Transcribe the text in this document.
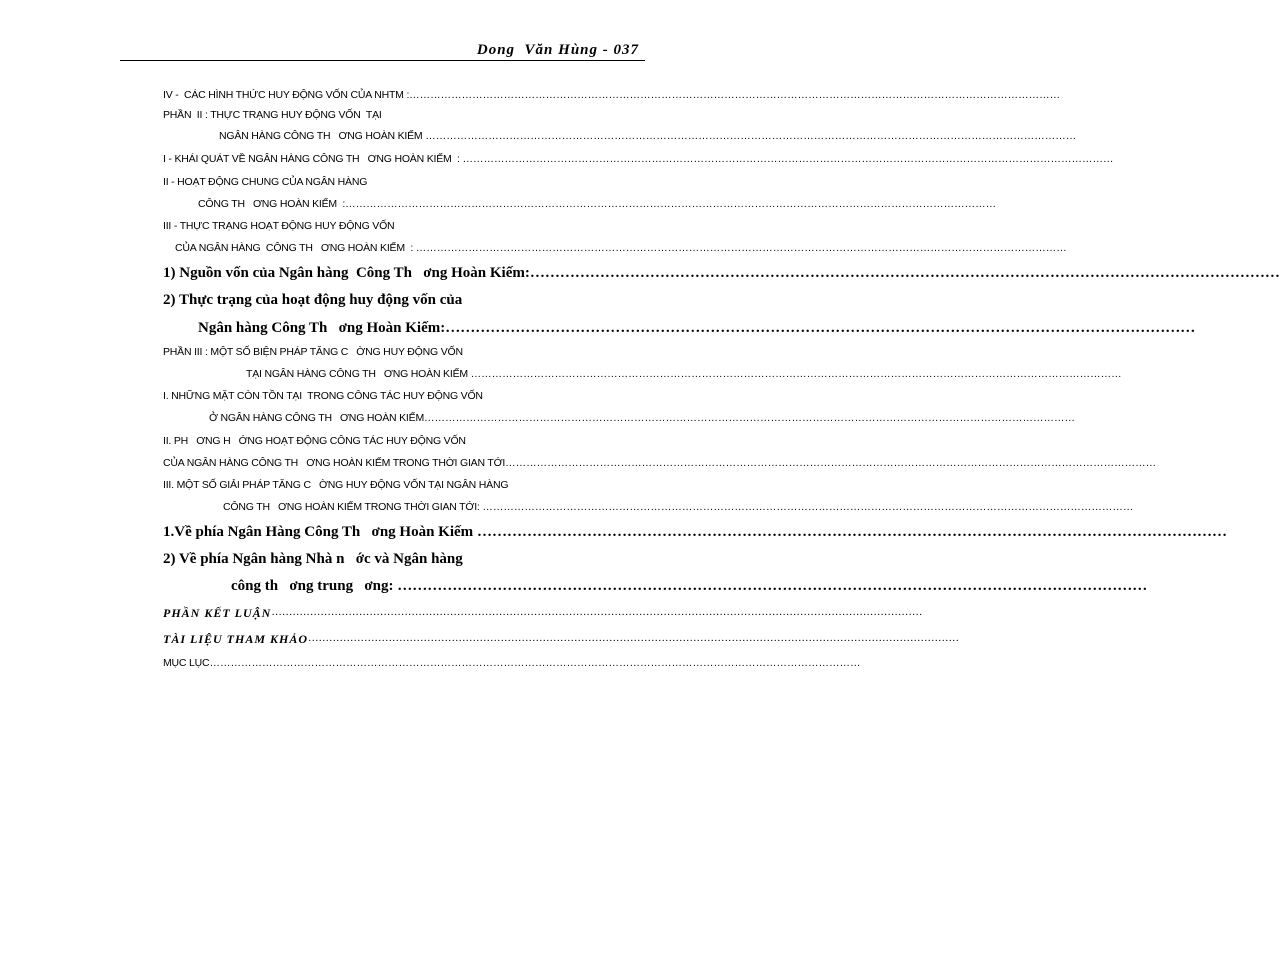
Dong  Văn Hùng - 037
IV -  CÁC HÌNH THỨC HUY ĐỘNG VỐN CỦA NHTM : ……………………………………………………………………………………………………………………………………………………………………
PHẦN  II : THỰC TRẠNG HUY ĐỘNG VỐN  TẠI
NGÂN HÀNG CÔNG TH   ƠNG HOÀN KIẾM ……………………………………………………………………………………………………………………………………………………………………
I - KHÁI QUÁT VỀ NGÂN HÀNG CÔNG TH   ƠNG HOÀN KIẾM  : ……………………………………………………………………………………………………………………………………………………………………
II - HOẠT ĐỘNG CHUNG CỦA NGÂN HÀNG
CÔNG TH   ƠNG HOÀN KIẾM  : ……………………………………………………………………………………………………………………………………………………………………
III - THỰC TRẠNG HOẠT ĐỘNG HUY ĐỘNG VỐN
CỦA NGÂN HÀNG  CÔNG TH   ƠNG HOÀN KIẾM  : ……………………………………………………………………………………………………………………………………………………………………
1) Nguồn vốn của Ngân hàng  Công Th   ơng Hoàn Kiếm: ……………………………………………………………………………………………………………………………………
2) Thực trạng của hoạt động huy động vốn của
Ngân hàng Công Th   ơng Hoàn Kiếm: ……………………………………………………………………………………………………………………………………
PHẦN III : MỘT SỐ BIỆN PHÁP TĂNG C   ỜNG HUY ĐỘNG VỐN
TẠI NGÂN HÀNG CÔNG TH   ƠNG HOÀN KIẾM ……………………………………………………………………………………………………………………………………………………………………
I. NHỮNG MẶT CÒN TỒN TẠI  TRONG CÔNG TÁC HUY ĐỘNG VỐN
Ở NGÂN HÀNG CÔNG TH   ƠNG HOÀN KIẾM ……………………………………………………………………………………………………………………………………………………………………
II. PH   ƠNG H   ỚNG HOẠT ĐỘNG CÔNG TÁC HUY ĐỘNG VỐN
CỦA NGÂN HÀNG CÔNG TH   ƠNG HOÀN KIẾM TRONG THỜI GIAN TỚI ……………………………………………………………………………………………………………………………………………………………………
III. MỘT SỐ GIẢI PHÁP TĂNG C   ỜNG HUY ĐỘNG VỐN TẠI NGÂN HÀNG
CÔNG TH   ƠNG HOÀN KIẾM TRONG THỜI GIAN TỚI: ……………………………………………………………………………………………………………………………………………………………………
1.Về phía Ngân Hàng Công Th   ơng Hoàn Kiếm ……………………………………………………………………………………………………………………………………
2) Về phía Ngân hàng Nhà n   ớc và Ngân hàng
công th   ơng trung   ơng: ……………………………………………………………………………………………………………………………………
PHẦN KẾT LUẬN ……………………………………………………………………………………………………………………………………………………………………
TÀI LIỆU THAM KHẢO ……………………………………………………………………………………………………………………………………………………………………
MỤC LỤC ……………………………………………………………………………………………………………………………………………………………………
